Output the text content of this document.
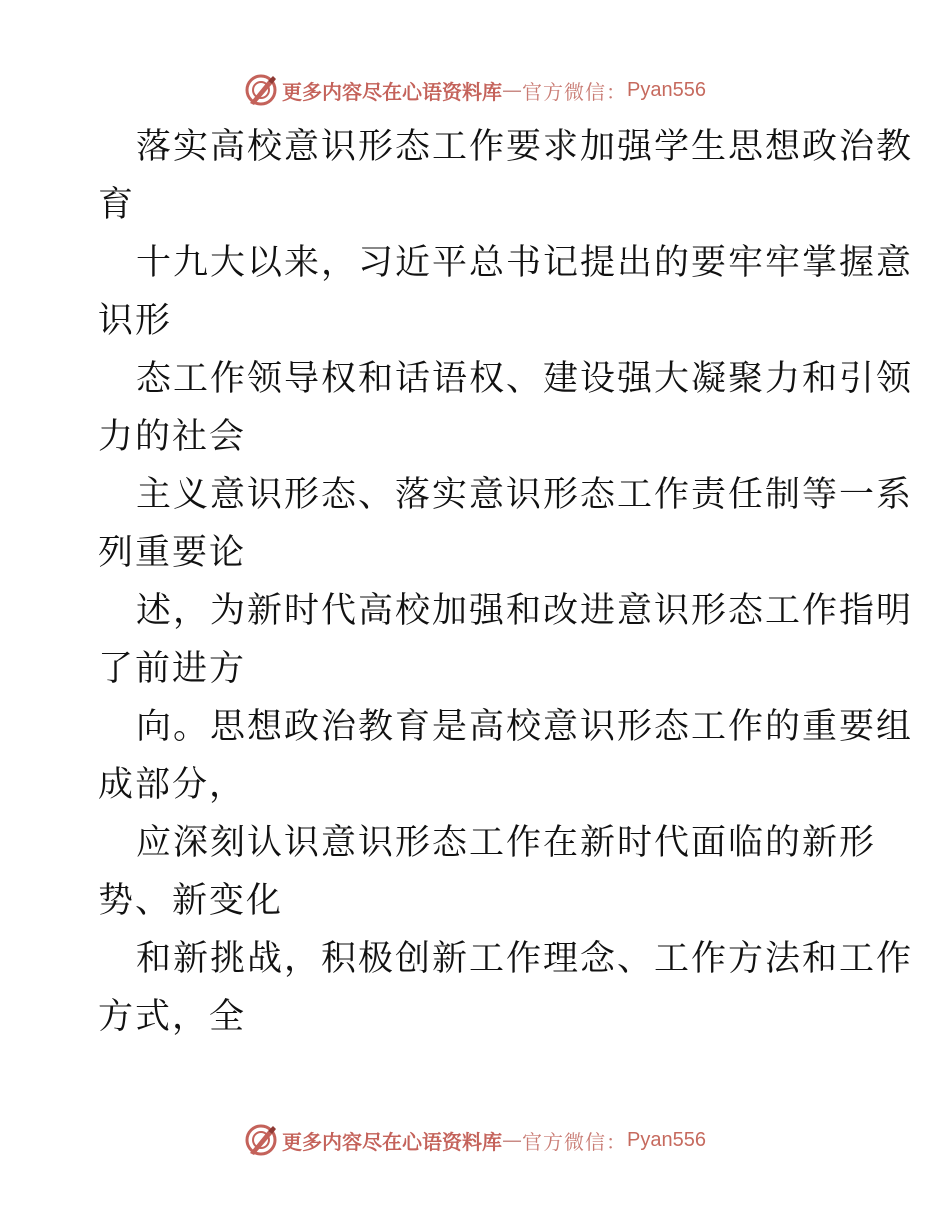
更多内容尽在心语资料库 — 官方微信： Pyan556
落实高校意识形态工作要求加强学生思想政治教
育
十九大以来，习近平总书记提出的要牢牢掌握意
识形
态工作领导权和话语权、建设强大凝聚力和引领
力的社会
主义意识形态、落实意识形态工作责任制等一系
列重要论
述，为新时代高校加强和改进意识形态工作指明
了前进方
向。思想政治教育是高校意识形态工作的重要组
成部分，
应深刻认识意识形态工作在新时代面临的新形
势、新变化
和新挑战，积极创新工作理念、工作方法和工作
方式，全
更多内容尽在心语资料库 — 官方微信： Pyan556
